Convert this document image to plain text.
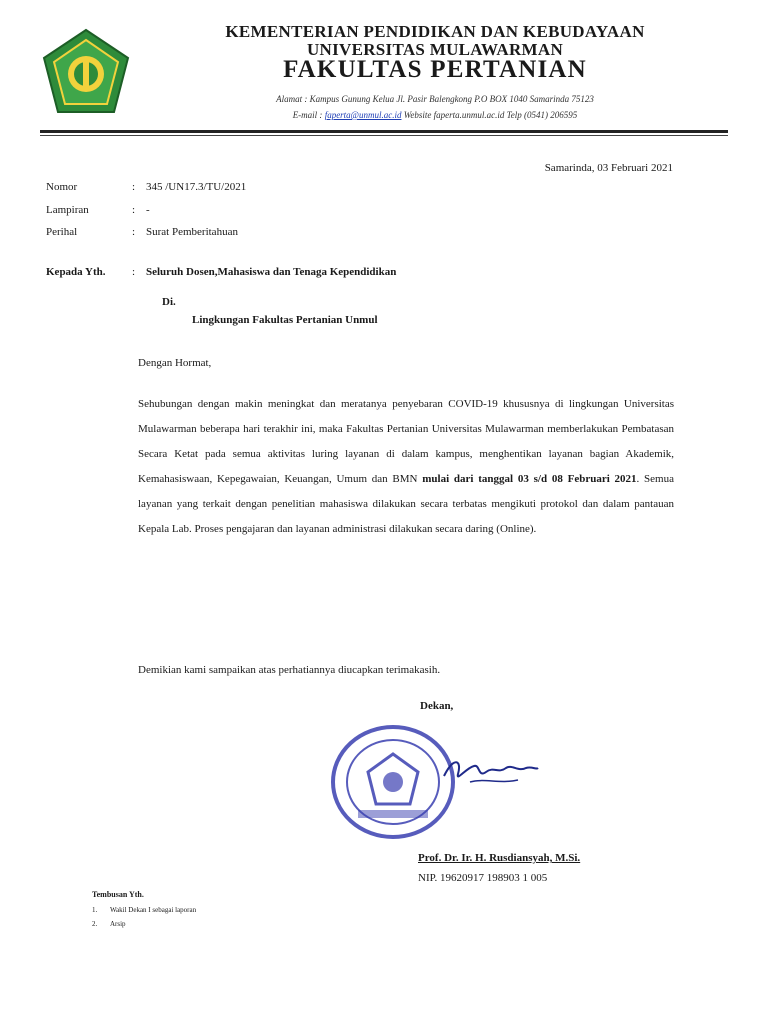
KEMENTERIAN PENDIDIKAN DAN KEBUDAYAAN
UNIVERSITAS MULAWARMAN
FAKULTAS PERTANIAN
Alamat : Kampus Gunung Kelua Jl. Pasir Balengkong P.O BOX 1040 Samarinda 75123
E-mail : faperta@unmul.ac.id Website faperta.unmul.ac.id Telp (0541) 206595
Samarinda, 03 Februari 2021
Nomor	: 345 /UN17.3/TU/2021
Lampiran	: -
Perihal	: Surat Pemberitahuan
Kepada Yth. : Seluruh Dosen,Mahasiswa dan Tenaga Kependidikan
Di.
Lingkungan Fakultas Pertanian Unmul
Dengan Hormat,
Sehubungan dengan makin meningkat dan meratanya penyebaran COVID-19 khususnya di lingkungan Universitas Mulawarman beberapa hari terakhir ini, maka Fakultas Pertanian Universitas Mulawarman memberlakukan Pembatasan Secara Ketat pada semua aktivitas luring layanan di dalam kampus, menghentikan layanan bagian Akademik, Kemahasiswaan, Kepegawaian, Keuangan, Umum dan BMN mulai dari tanggal 03 s/d 08 Februari 2021. Semua layanan yang terkait dengan penelitian mahasiswa dilakukan secara terbatas mengikuti protokol dan dalam pantauan Kepala Lab. Proses pengajaran dan layanan administrasi dilakukan secara daring (Online).
Demikian kami sampaikan atas perhatiannya diucapkan terimakasih.
Dekan,
Prof. Dr. Ir. H. Rusdiansyah, M.Si.
NIP. 19620917 198903 1 005
Tembusan Yth.
1. Wakil Dekan I sebagai laporan
2. Arsip
